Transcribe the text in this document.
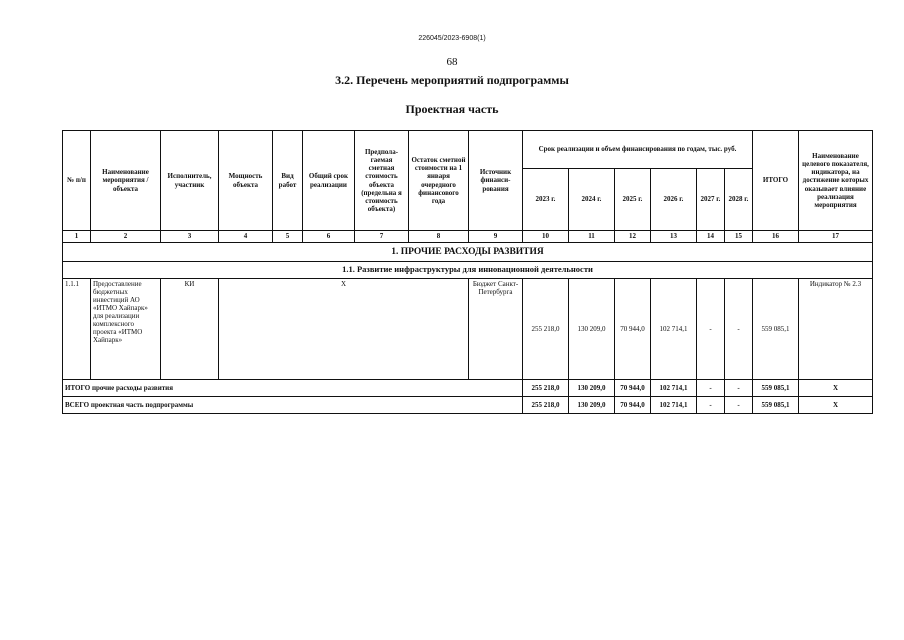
226045/2023-6908(1)
68
3.2. Перечень мероприятий подпрограммы
Проектная часть
№ п/п	Наименование мероприятия / объекта	Исполнитель, участник	Мощность объекта	Вид работ	Общий срок реализации	Предпола-гаемая сметная стоимость объекта (предельна я стоимость объекта)	Остаток сметной стоимости на 1 января очередного финансового года	Источник финанси-рования	Срок реализации и объем финансирования по годам, тыс. руб.						ИТОГО	Наименование целевого показателя, индикатора, на достижение которых оказывает влияние реализация мероприятия
									2023 г.	2024 г.	2025 г.	2026 г.	2027 г.	2028 г.		
1	2	3	4	5	6	7	8	9	10	11	12	13	14	15	16	17
1. ПРОЧИЕ РАСХОДЫ РАЗВИТИЯ																
1.1. Развитие инфраструктуры для инновационной деятельности																
1.1.1	Предоставление бюджетных инвестиций АО «ИТМО Хайпарк» для реализации комплексного проекта «ИТМО Хайпарк»	КИ	Х					Бюджет Санкт-Петербурга	255 218,0	130 209,0	70 944,0	102 714,1	-	-	559 085,1	Индикатор № 2.3
ИТОГО прочие расходы развития									255 218,0	130 209,0	70 944,0	102 714,1	-	-	559 085,1	Х
ВСЕГО проектная часть подпрограммы									255 218,0	130 209,0	70 944,0	102 714,1	-	-	559 085,1	Х
